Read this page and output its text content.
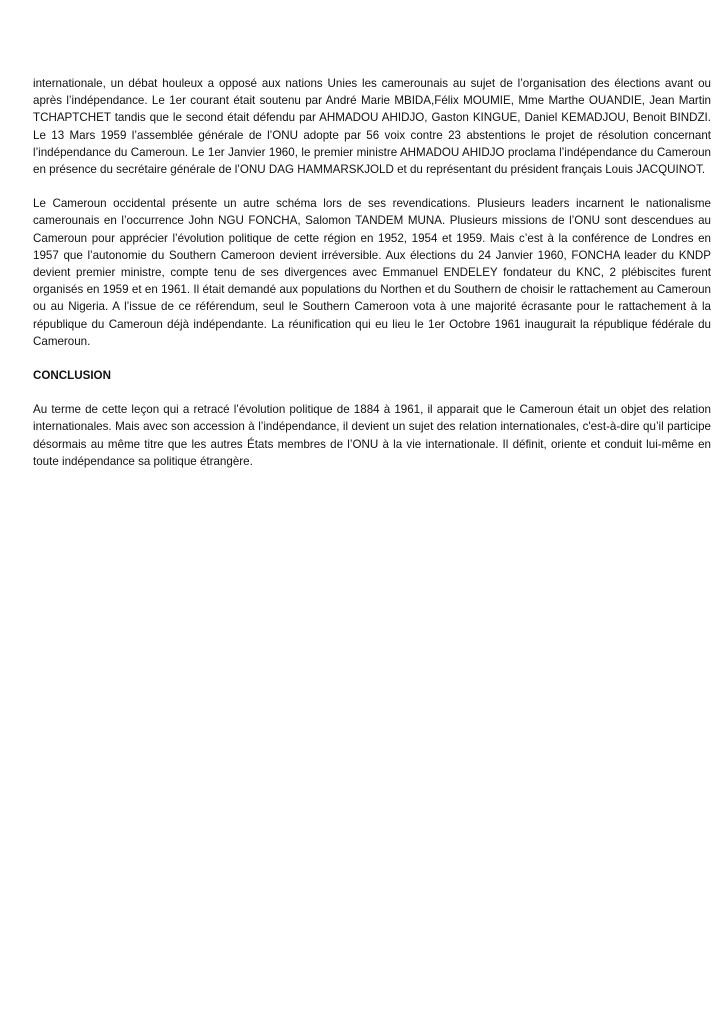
internationale, un débat houleux a opposé aux nations Unies les camerounais au sujet de l’organisation des élections avant ou après l’indépendance. Le 1er courant était soutenu par André Marie MBIDA,Félix MOUMIE, Mme Marthe OUANDIE, Jean Martin TCHAPTCHET tandis que le second était défendu par AHMADOU AHIDJO, Gaston KINGUE, Daniel KEMADJOU, Benoit BINDZI. Le 13 Mars 1959 l’assemblée générale de l’ONU adopte par 56 voix contre 23 abstentions le projet de résolution concernant l’indépendance du Cameroun. Le 1er Janvier 1960, le premier ministre AHMADOU AHIDJO proclama l’indépendance du Cameroun en présence du secrétaire générale de l’ONU DAG HAMMARSKJOLD et du représentant du président français Louis JACQUINOT.

Le Cameroun occidental présente un autre schéma lors de ses revendications. Plusieurs leaders incarnent le nationalisme camerounais en l’occurrence John NGU FONCHA, Salomon TANDEM MUNA. Plusieurs missions de l’ONU sont descendues au Cameroun pour apprécier l’évolution politique de cette région en 1952, 1954 et 1959. Mais c’est à la conférence de Londres en 1957 que l’autonomie du Southern Cameroon devient irréversible. Aux élections du 24 Janvier 1960, FONCHA leader du KNDP devient premier ministre, compte tenu de ses divergences avec Emmanuel ENDELEY fondateur du KNC, 2 plébiscites furent organisés en 1959 et en 1961. Il était demandé aux populations du Northen et du Southern de choisir le rattachement au Cameroun ou au Nigeria. A l’issue de ce référendum, seul le Southern Cameroon vota à une majorité écrasante pour le rattachement à la république du Cameroun déjà indépendante. La réunification qui eu lieu le 1er Octobre 1961 inaugurait la république fédérale du Cameroun.

CONCLUSION

Au terme de cette leçon qui a retracé l’évolution politique de 1884 à 1961, il apparait que le Cameroun était un objet des relation internationales. Mais avec son accession à l’indépendance, il devient un sujet des relation internationales, c'est-à-dire qu’il participe désormais au même titre que les autres États membres de l’ONU à la vie internationale. Il définit, oriente et conduit lui-même en toute indépendance sa politique étrangère.
